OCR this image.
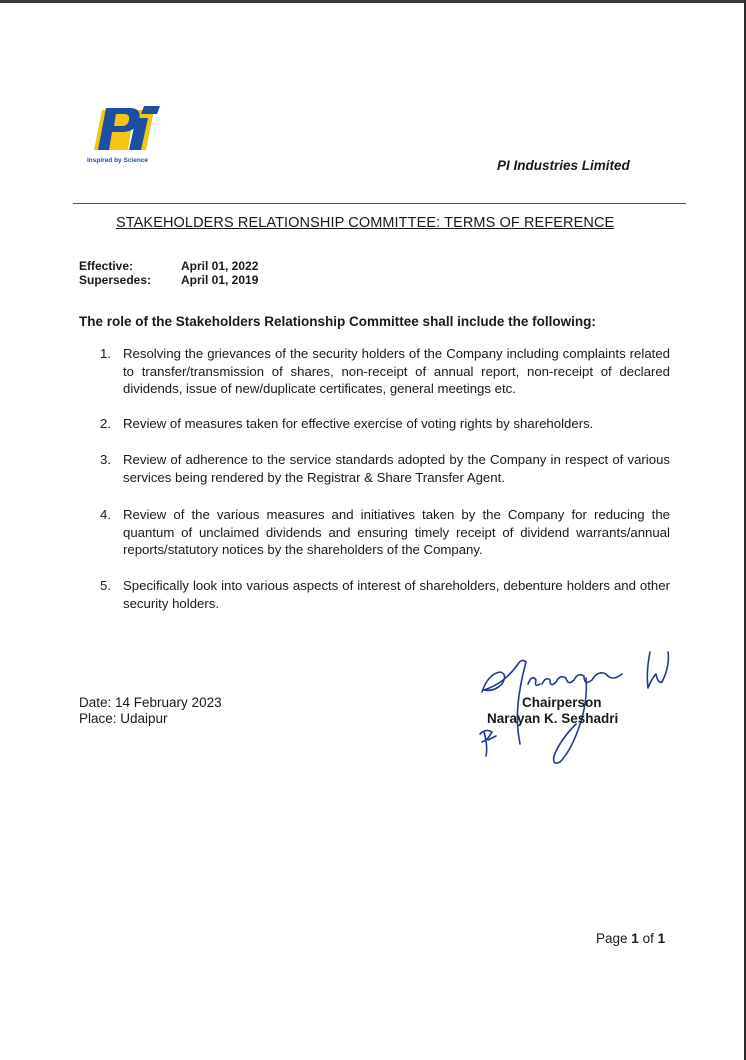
Inspired by Science	PI Industries Limited
STAKEHOLDERS RELATIONSHIP COMMITTEE: TERMS OF REFERENCE
Effective:	April 01, 2022
Supersedes: April 01, 2019
The role of the Stakeholders Relationship Committee shall include the following:
1. Resolving the grievances of the security holders of the Company including complaints related to transfer/transmission of shares, non-receipt of annual report, non-receipt of declared dividends, issue of new/duplicate certificates, general meetings etc.
2. Review of measures taken for effective exercise of voting rights by shareholders.
3. Review of adherence to the service standards adopted by the Company in respect of various services being rendered by the Registrar & Share Transfer Agent.
4. Review of the various measures and initiatives taken by the Company for reducing the quantum of unclaimed dividends and ensuring timely receipt of dividend warrants/annual reports/statutory notices by the shareholders of the Company.
5. Specifically look into various aspects of interest of shareholders, debenture holders and other security holders.
Date: 14 February 2023
Place: Udaipur
Chairperson
Narayan K. Seshadri
Page 1 of 1
